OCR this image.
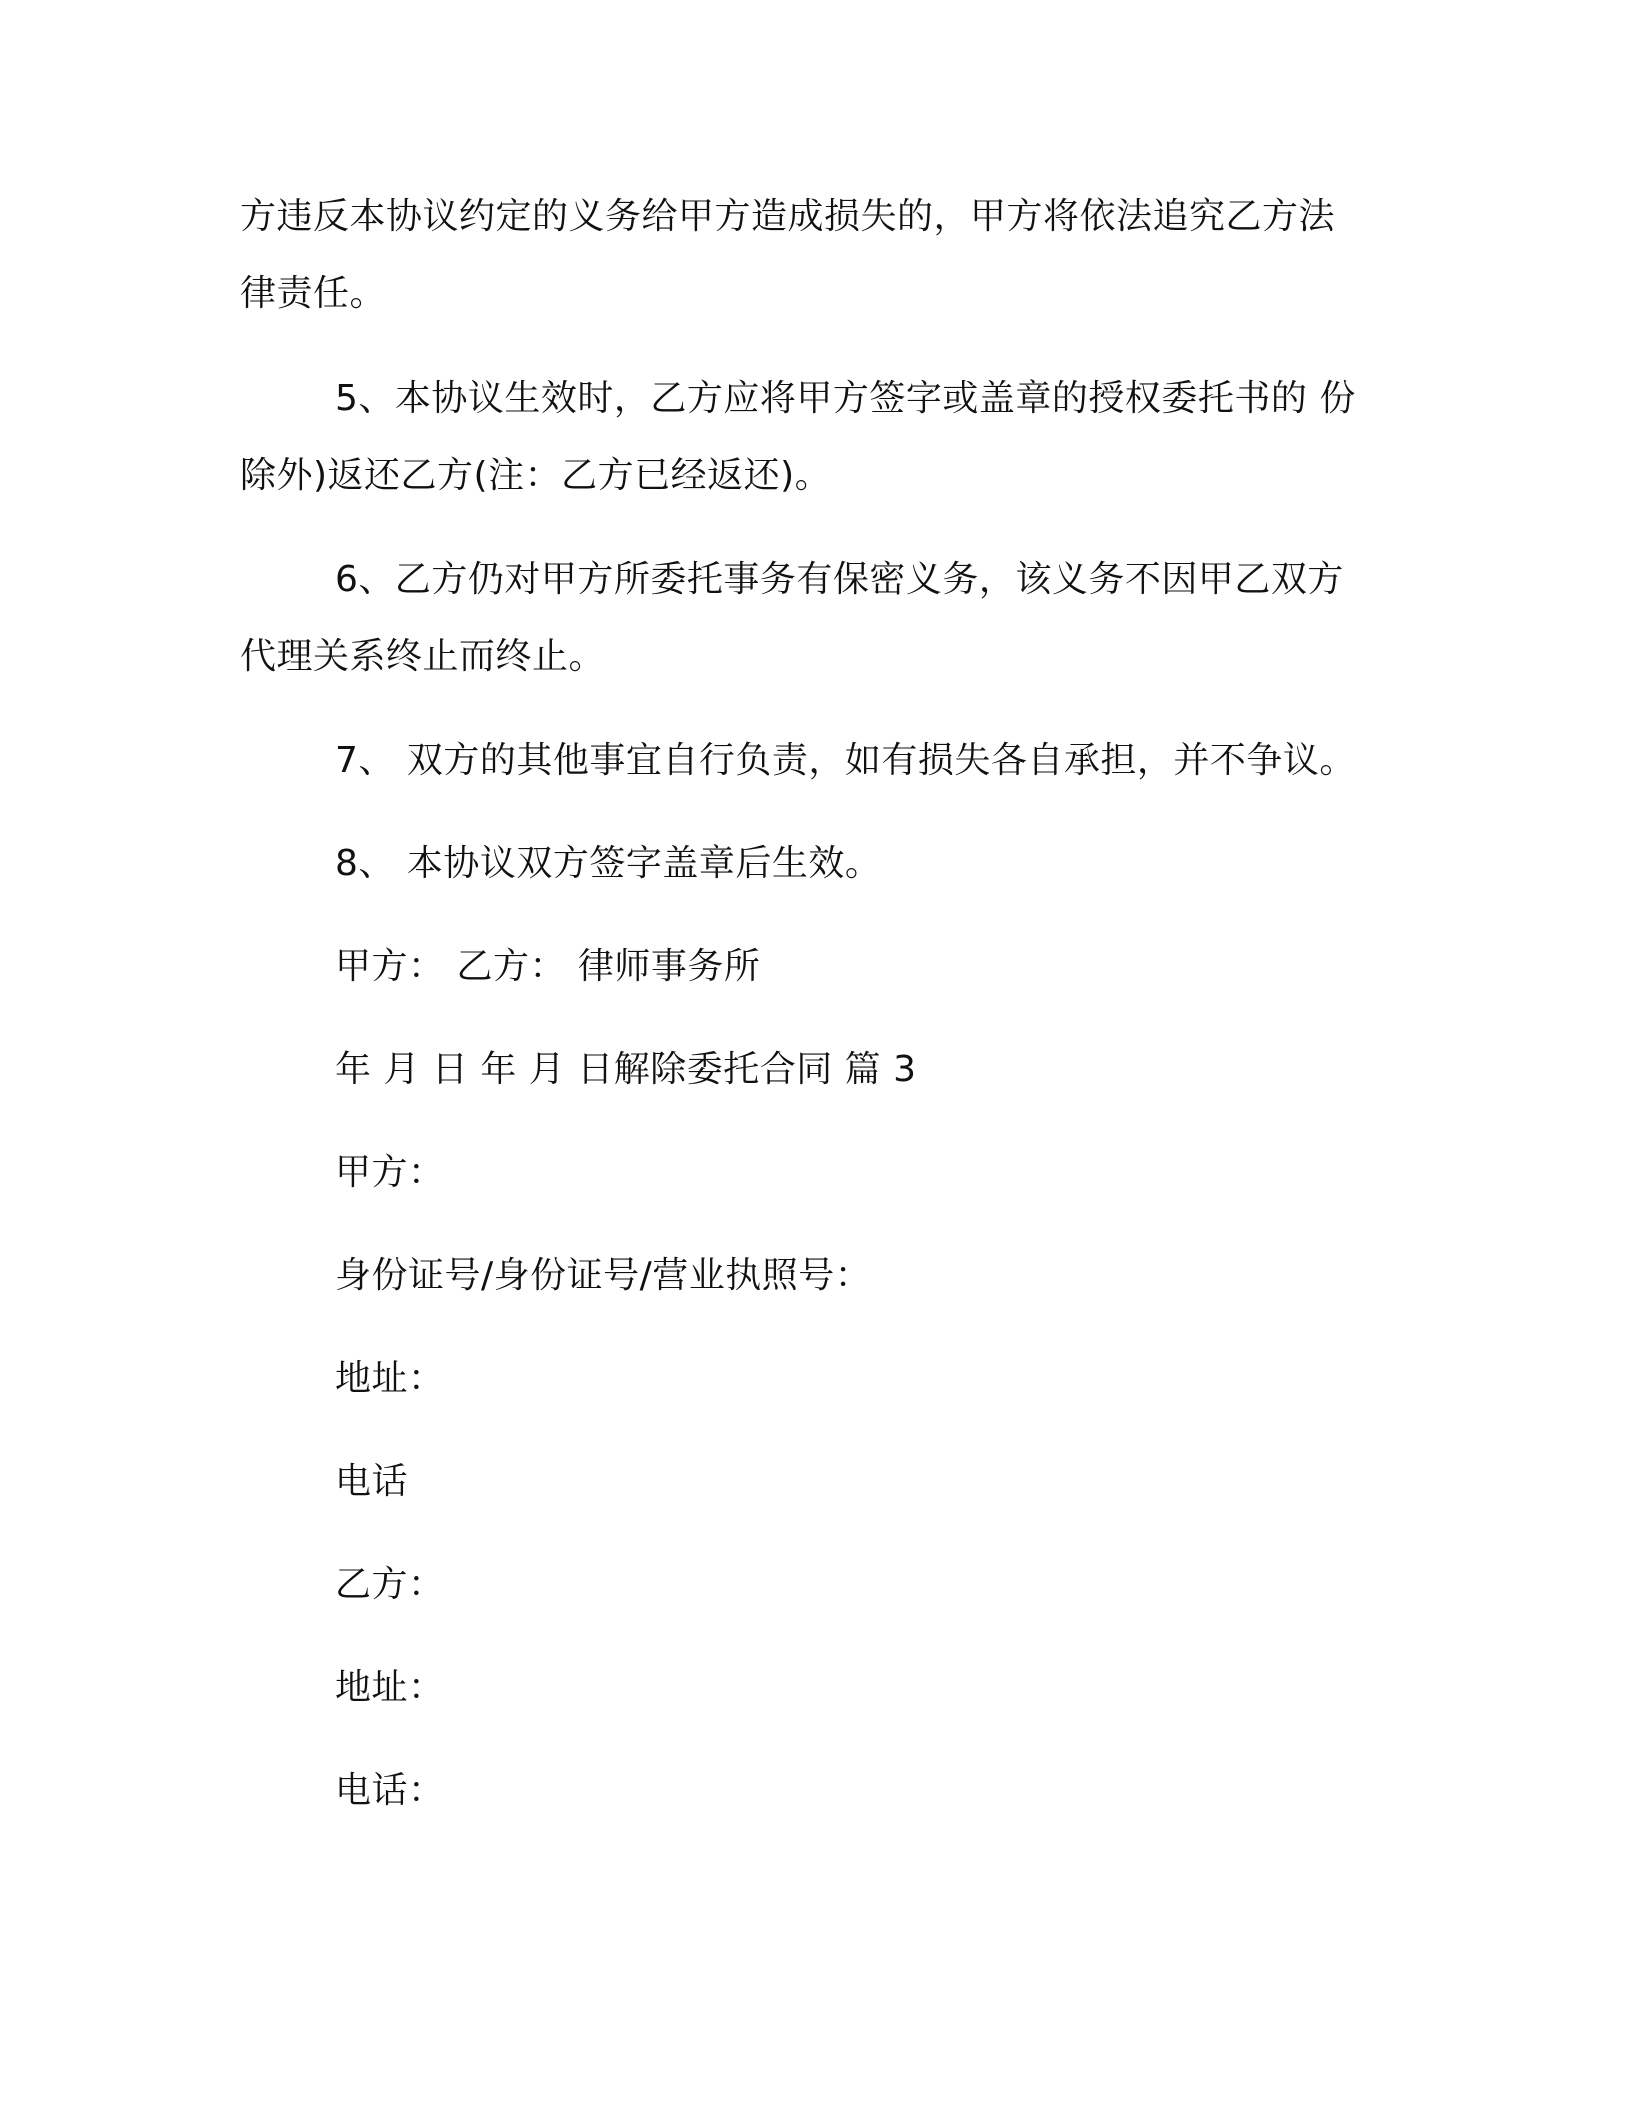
方违反本协议约定的义务给甲方造成损失的，甲方将依法追究乙方法
律责任。
5、本协议生效时，乙方应将甲方签字或盖章的授权委托书的 份
除外)返还乙方(注：乙方已经返还)。
6、乙方仍对甲方所委托事务有保密义务，该义务不因甲乙双方
代理关系终止而终止。
7、 双方的其他事宜自行负责，如有损失各自承担，并不争议。
8、 本协议双方签字盖章后生效。
甲方： 乙方： 律师事务所
年 月 日 年 月 日解除委托合同 篇 3
甲方：
身份证号/身份证号/营业执照号：
地址：
电话
乙方：
地址：
电话：
